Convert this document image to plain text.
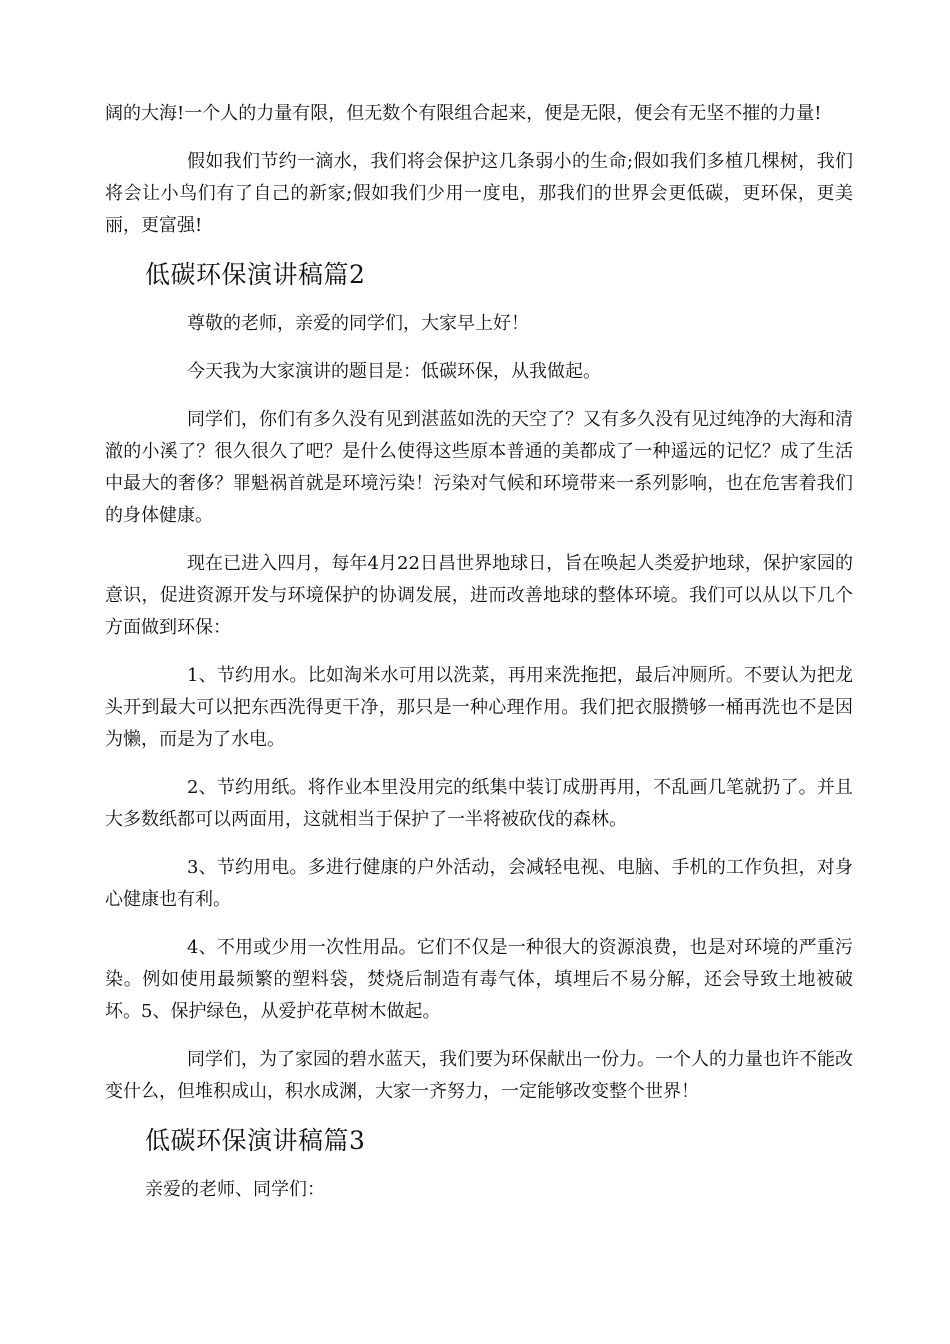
阔的大海!一个人的力量有限，但无数个有限组合起来，便是无限，便会有无坚不摧的力量!

假如我们节约一滴水，我们将会保护这几条弱小的生命;假如我们多植几棵树，我们将会让小鸟们有了自己的新家;假如我们少用一度电，那我们的世界会更低碳，更环保，更美丽，更富强!

低碳环保演讲稿篇2

尊敬的老师，亲爱的同学们，大家早上好！

今天我为大家演讲的题目是：低碳环保，从我做起。

同学们，你们有多久没有见到湛蓝如洗的天空了？又有多久没有见过纯净的大海和清澈的小溪了？很久很久了吧？是什么使得这些原本普通的美都成了一种遥远的记忆？成了生活中最大的奢侈？罪魁祸首就是环境污染！污染对气候和环境带来一系列影响，也在危害着我们的身体健康。

现在已进入四月，每年4月22日昌世界地球日，旨在唤起人类爱护地球，保护家园的意识，促进资源开发与环境保护的协调发展，进而改善地球的整体环境。我们可以从以下几个方面做到环保：

1、节约用水。比如淘米水可用以洗菜，再用来洗拖把，最后冲厕所。不要认为把龙头开到最大可以把东西洗得更干净，那只是一种心理作用。我们把衣服攒够一桶再洗也不是因为懒，而是为了水电。

2、节约用纸。将作业本里没用完的纸集中装订成册再用，不乱画几笔就扔了。并且大多数纸都可以两面用，这就相当于保护了一半将被砍伐的森林。

3、节约用电。多进行健康的户外活动，会减轻电视、电脑、手机的工作负担，对身心健康也有利。

4、不用或少用一次性用品。它们不仅是一种很大的资源浪费，也是对环境的严重污染。例如使用最频繁的塑料袋，焚烧后制造有毒气体，填埋后不易分解，还会导致土地被破坏。5、保护绿色，从爱护花草树木做起。

同学们，为了家园的碧水蓝天，我们要为环保献出一份力。一个人的力量也许不能改变什么，但堆积成山，积水成渊，大家一齐努力，一定能够改变整个世界！

低碳环保演讲稿篇3

亲爱的老师、同学们：
